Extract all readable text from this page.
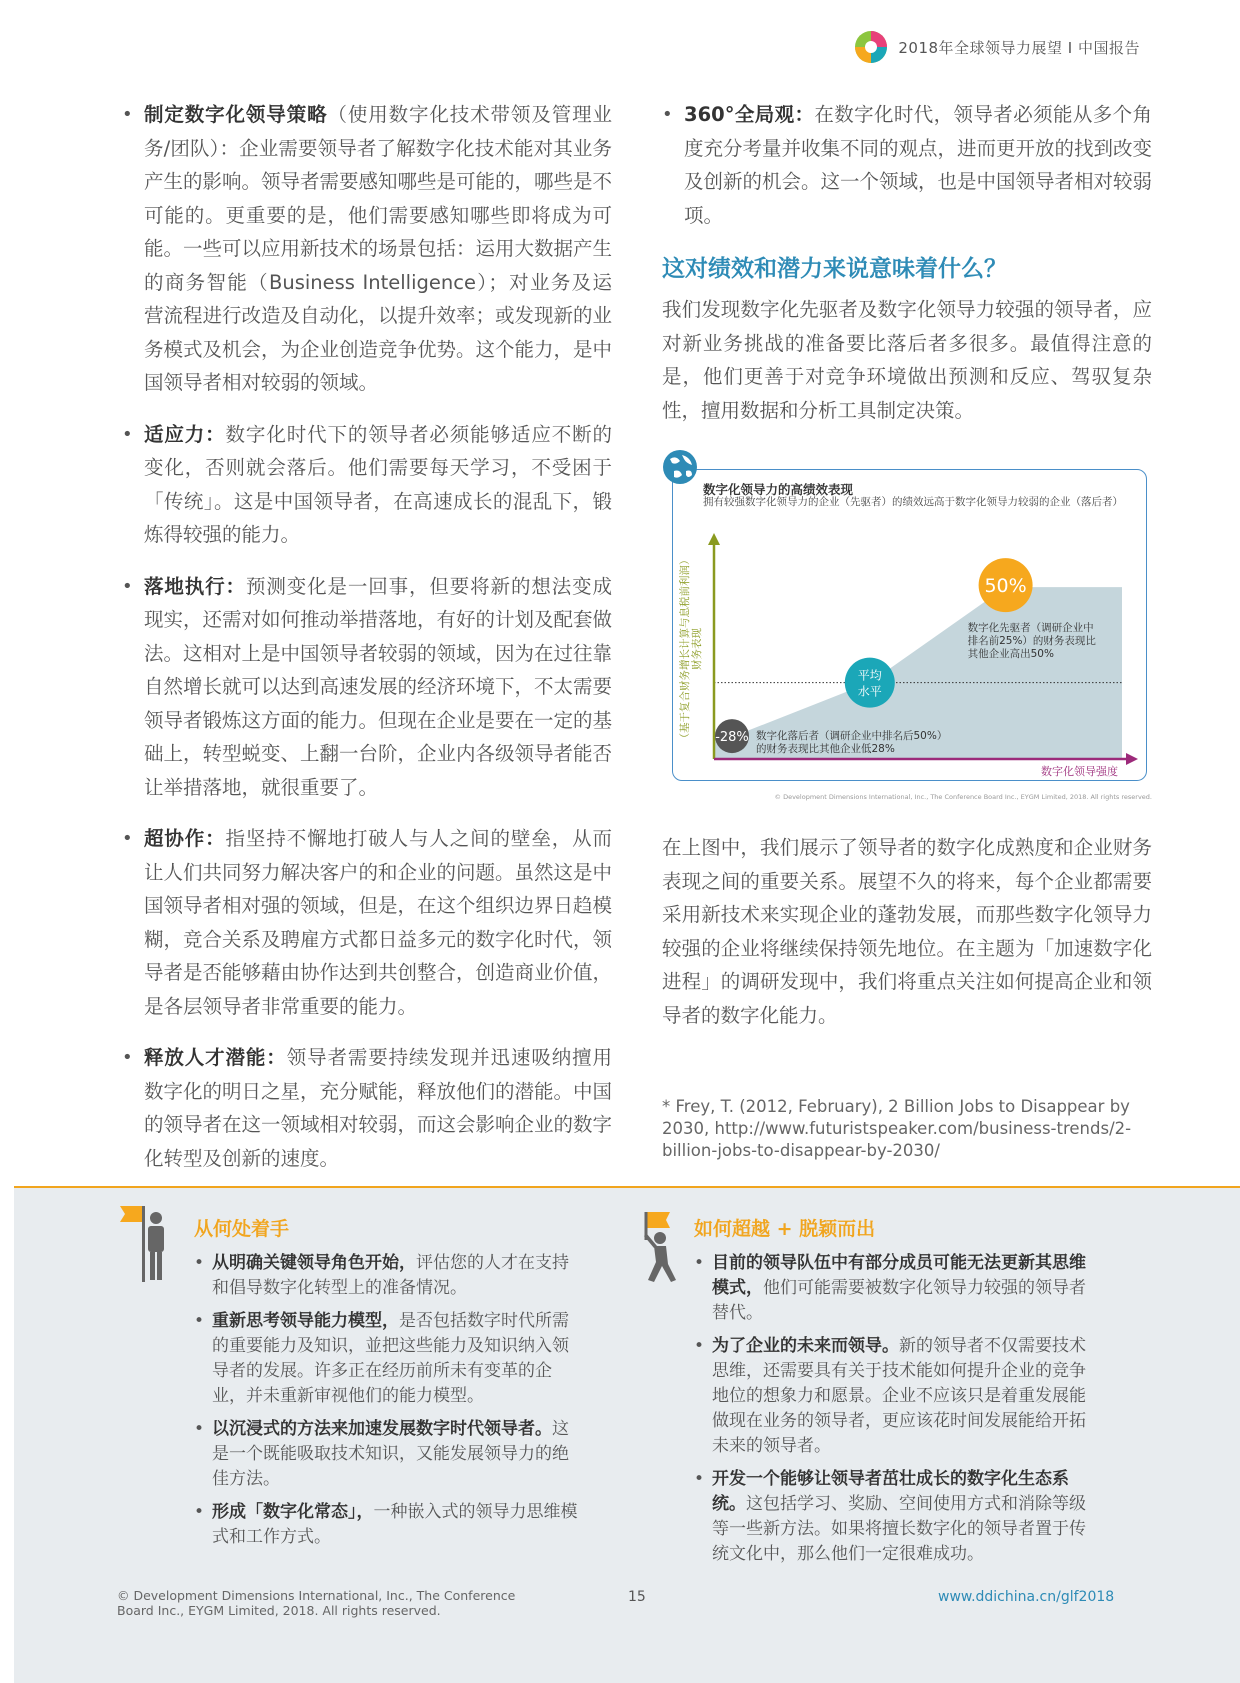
2018年全球领导力展望 I 中国报告
• 制定数字化领导策略（使用数字化技术带领及管理业务/团队）：企业需要领导者了解数字化技术能对其业务产生的影响。领导者需要感知哪些是可能的，哪些是不可能的。更重要的是，他们需要感知哪些即将成为可能。一些可以应用新技术的场景包括：运用大数据产生的商务智能（Business Intelligence）；对业务及运营流程进行改造及自动化，以提升效率；或发现新的业务模式及机会，为企业创造竞争优势。这个能力，是中国领导者相对较弱的领域。

• 适应力：数字化时代下的领导者必须能够适应不断的变化，否则就会落后。他们需要每天学习，不受困于「传统」。这是中国领导者，在高速成长的混乱下，锻炼得较强的能力。

• 落地执行：预测变化是一回事，但要将新的想法变成现实，还需对如何推动举措落地，有好的计划及配套做法。这相对上是中国领导者较弱的领域，因为在过往靠自然增长就可以达到高速发展的经济环境下，不太需要领导者锻炼这方面的能力。但现在企业是要在一定的基础上，转型蜕变、上翻一台阶，企业内各级领导者能否让举措落地，就很重要了。

• 超协作：指坚持不懈地打破人与人之间的壁垒，从而让人们共同努力解决客户的和企业的问题。虽然这是中国领导者相对强的领域，但是，在这个组织边界日趋模糊，竞合关系及聘雇方式都日益多元的数字化时代，领导者是否能够藉由协作达到共创整合，创造商业价值，是各层领导者非常重要的能力。

• 释放人才潜能：领导者需要持续发现并迅速吸纳擅用数字化的明日之星，充分赋能，释放他们的潜能。中国的领导者在这一领域相对较弱，而这会影响企业的数字化转型及创新的速度。

• 360°全局观：在数字化时代，领导者必须能从多个角度充分考量并收集不同的观点，进而更开放的找到改变及创新的机会。这一个领域，也是中国领导者相对较弱项。

这对绩效和潜力来说意味着什么？

我们发现数字化先驱者及数字化领导力较强的领导者，应对新业务挑战的准备要比落后者多很多。最值得注意的是，他们更善于对竞争环境做出预测和反应、驾驭复杂性，擅用数据和分析工具制定决策。

数字化领导力的高绩效表现
拥有较强数字化领导力的企业（先驱者）的绩效远高于数字化领导力较弱的企业（落后者）
财务表现
（基于复合财务增长计算与息税前利润）
数字化领导强度
-28%
平均
水平
50%
数字化先驱者（调研企业中
排名前25%）的财务表现比
其他企业高出50%
数字化落后者（调研企业中排名后50%）
的财务表现比其他企业低28%
© Development Dimensions International, Inc., The Conference Board Inc., EYGM Limited, 2018. All rights reserved.

在上图中，我们展示了领导者的数字化成熟度和企业财务表现之间的重要关系。展望不久的将来，每个企业都需要采用新技术来实现企业的蓬勃发展，而那些数字化领导力较强的企业将继续保持领先地位。在主题为「加速数字化进程」的调研发现中，我们将重点关注如何提高企业和领导者的数字化能力。

* Frey, T. (2012, February), 2 Billion Jobs to Disappear by 2030, http://www.futuristspeaker.com/business-trends/2-billion-jobs-to-disappear-by-2030/

从何处着手
• 从明确关键领导角色开始，评估您的人才在支持和倡导数字化转型上的准备情况。
• 重新思考领导能力模型，是否包括数字时代所需的重要能力及知识，並把这些能力及知识纳入领导者的发展。许多正在经历前所未有变革的企业，并未重新审视他们的能力模型。
• 以沉浸式的方法来加速发展数字时代领导者。这是一个既能吸取技术知识，又能发展领导力的绝佳方法。
• 形成「数字化常态」，一种嵌入式的领导力思维模式和工作方式。
如何超越 + 脱颖而出
• 目前的领导队伍中有部分成员可能无法更新其思维模式，他们可能需要被数字化领导力较强的领导者替代。
• 为了企业的未来而领导。新的领导者不仅需要技术思维，还需要具有关于技术能如何提升企业的竞争地位的想象力和愿景。企业不应该只是着重发展能做现在业务的领导者，更应该花时间发展能给开拓未来的领导者。
• 开发一个能够让领导者茁壮成长的数字化生态系统。这包括学习、奖励、空间使用方式和消除等级等一些新方法。如果将擅长数字化的领导者置于传统文化中，那么他们一定很难成功。
© Development Dimensions International, Inc., The Conference Board Inc., EYGM Limited, 2018. All rights reserved.
15	www.ddichina.cn/glf2018
